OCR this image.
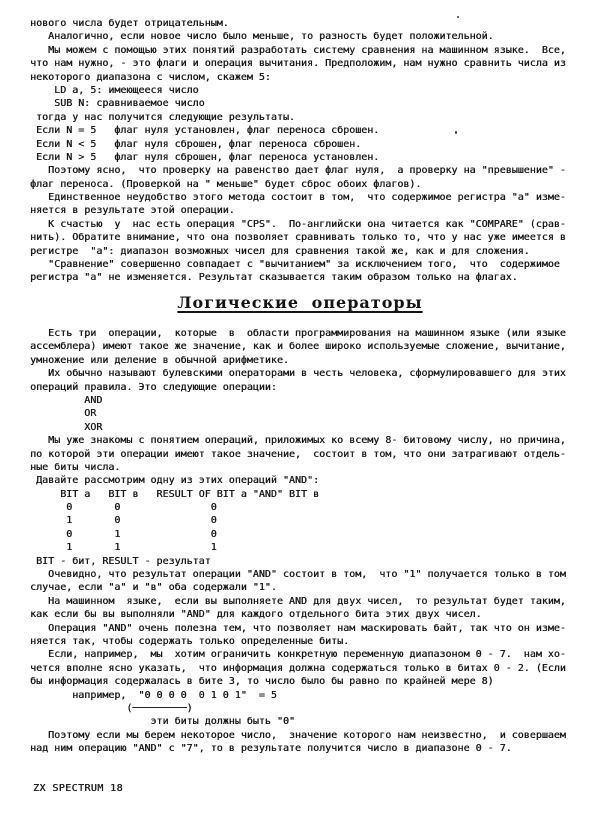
нового числа будет отрицательным.
Аналогично, если новое число было меньше, то разность будет положительной.
Мы можем с помощью этих понятий разработать систему сравнения на машинном языке.  Все,
что нам нужно, - это флаги и операция вычитания. Предположим, нам нужно сравнить числа из
некоторого диапазона с числом, скажем 5:
LD a, 5: имеющееся число
SUB N: сравниваемое число
тогда у нас получится следующие результаты.
Если N = 5   флаг нуля установлен, флаг переноса сброшен.
Если N < 5   флаг нуля сброшен, флаг переноса сброшен.
Если N > 5   флаг нуля сброшен, флаг переноса установлен.
Поэтому ясно,  что проверку на равенство дает флаг нуля,  а проверку на "превышение" -
флаг переноса. (Проверкой на " меньше" будет сброс обоих флагов).
Единственное неудобство этого метода состоит в том,  что содержимое регистра "а" изме-
няется в результате этой операции.
К счастью  у  нас есть операция "CPS".  По-английски она читается как "COMPARE" (срав-
нить). Обратите внимание, что она позволяет сравнивать только то, что у нас уже имеется в
регистре  "а": диапазон возможных чисел для сравнения такой же, как и для сложения.
"Сравнение" совершенно совпадает с "вычитанием" за исключением того,  что  содержимое
регистра "а" не изменяется. Результат сказывается таким образом только на флагах.
Логические операторы
Есть три  операции,  которые  в  области программирования на машинном языке (или языке
ассемблера) имеют такое же значение, как и более широко используемые сложение, вычитание,
умножение или деление в обычной арифметике.
Их обычно называют булевскими операторами в честь человека, сформулировавшего для этих
операций правила. Это следующие операции:
AND
OR
XOR
Мы уже знакомы с понятием операций, приложимых ко всему 8- битовому числу, но причина,
по которой эти операции имеют такое значение,  состоит в том, что они затрагивают отдель-
ные биты числа.
Давайте рассмотрим одну из этих операций "AND":
BIT a   BIT в   RESULT OF BIT a "AND" BIT в
0       0               0
1       0               0
0       1               0
1       1               1
BIT - бит, RESULT - результат
Очевидно, что результат операции "AND" состоит в том,  что "1" получается только в том
случае, если "а" и "в" оба содержали "1".
На машинном  языке,  если вы выполняете AND для двух чисел,  то результат будет таким,
как если бы вы выполняли "AND" для каждого отдельного бита этих двух чисел.
Операция "AND" очень полезна тем, что позволяет нам маскировать байт, так что он изме-
няется так, чтобы содержать только определенные биты.
Если, например,  мы  хотим ограничить конкретную переменную диапазоном 0 - 7.  нам хо-
чется вполне ясно указать,  что информация должна содержаться только в битах 0 - 2. (Если
бы информация содержалась в бите 3, то число было бы равно по крайней мере 8)
например,  "0 0 0 0  0 1 0 1"  = 5
(─────────)
эти биты должны быть "0"
Поэтому если мы берем некоторое число,  значение которого нам неизвестно,  и совершаем
над ним операцию "AND" с "7", то в результате получится число в диапазоне 0 - 7.
ZX SPECTRUM 18
